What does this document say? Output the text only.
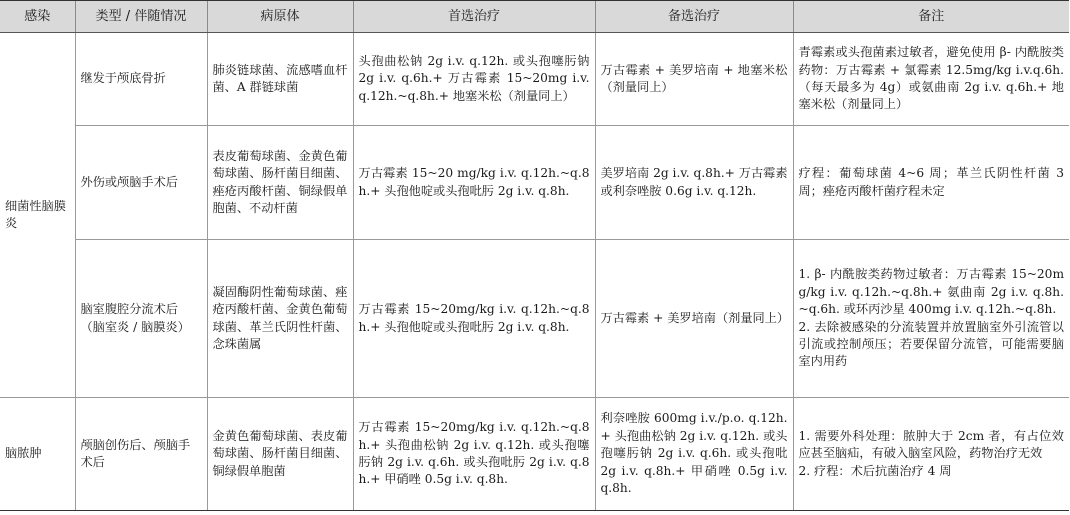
感染	类型 / 伴随情况	病原体	首选治疗	备选治疗	备注
细菌性脑膜炎	继发于颅底骨折	肺炎链球菌、流感嗜血杆菌、A 群链球菌	头孢曲松钠 2g i.v. q.12h. 或头孢噻肟钠 2g i.v. q.6h.+ 万古霉素 15~20mg i.v. q.12h.~q.8h.+ 地塞米松（剂量同上）	万古霉素 + 美罗培南 + 地塞米松（剂量同上）	青霉素或头孢菌素过敏者，避免使用 β- 内酰胺类药物：万古霉素 + 氯霉素 12.5mg/kg i.v.q.6h.（每天最多为 4g）或氨曲南 2g i.v. q.6h.+ 地塞米松（剂量同上）

	外伤或颅脑手术后	表皮葡萄球菌、金黄色葡萄球菌、肠杆菌目细菌、痤疮丙酸杆菌、铜绿假单胞菌、不动杆菌	万古霉素 15~20 mg/kg i.v. q.12h.~q.8h.+ 头孢他啶或头孢吡肟 2g i.v. q.8h.	美罗培南 2g i.v. q.8h.+ 万古霉素或利奈唑胺 0.6g i.v. q.12h.	疗程：葡萄球菌 4~6 周；革兰氏阴性杆菌 3 周；痤疮丙酸杆菌疗程未定

	脑室腹腔分流术后（脑室炎 / 脑膜炎）	凝固酶阴性葡萄球菌、痤疮丙酸杆菌、金黄色葡萄球菌、革兰氏阴性杆菌、念珠菌属	万古霉素 15~20mg/kg i.v. q.12h.~q.8h.+ 头孢他啶或头孢吡肟 2g i.v. q.8h.	万古霉素 + 美罗培南（剂量同上）	1. β- 内酰胺类药物过敏者：万古霉素 15~20mg/kg i.v. q.12h.~q.8h.+ 氨曲南 2g i.v. q.8h.~q.6h. 或环丙沙星 400mg i.v. q.12h.~q.8h.
2. 去除被感染的分流装置并放置脑室外引流管以引流或控制颅压；若要保留分流管，可能需要脑室内用药

脑脓肿	颅脑创伤后、颅脑手术后	金黄色葡萄球菌、表皮葡萄球菌、肠杆菌目细菌、铜绿假单胞菌	万古霉素 15~20mg/kg i.v. q.12h.~q.8h.+ 头孢曲松钠 2g i.v. q.12h. 或头孢噻肟钠 2g i.v. q.6h. 或头孢吡肟 2g i.v. q.8h.+ 甲硝唑 0.5g i.v. q.8h.	利奈唑胺 600mg i.v./p.o. q.12h.+ 头孢曲松钠 2g i.v. q.12h. 或头孢噻肟钠 2g i.v. q.6h. 或头孢吡 2g i.v. q.8h.+ 甲硝唑 0.5g i.v. q.8h.	1. 需要外科处理：脓肿大于 2cm 者，有占位效应甚至脑疝，有破入脑室风险，药物治疗无效
2. 疗程：术后抗菌治疗 4 周
